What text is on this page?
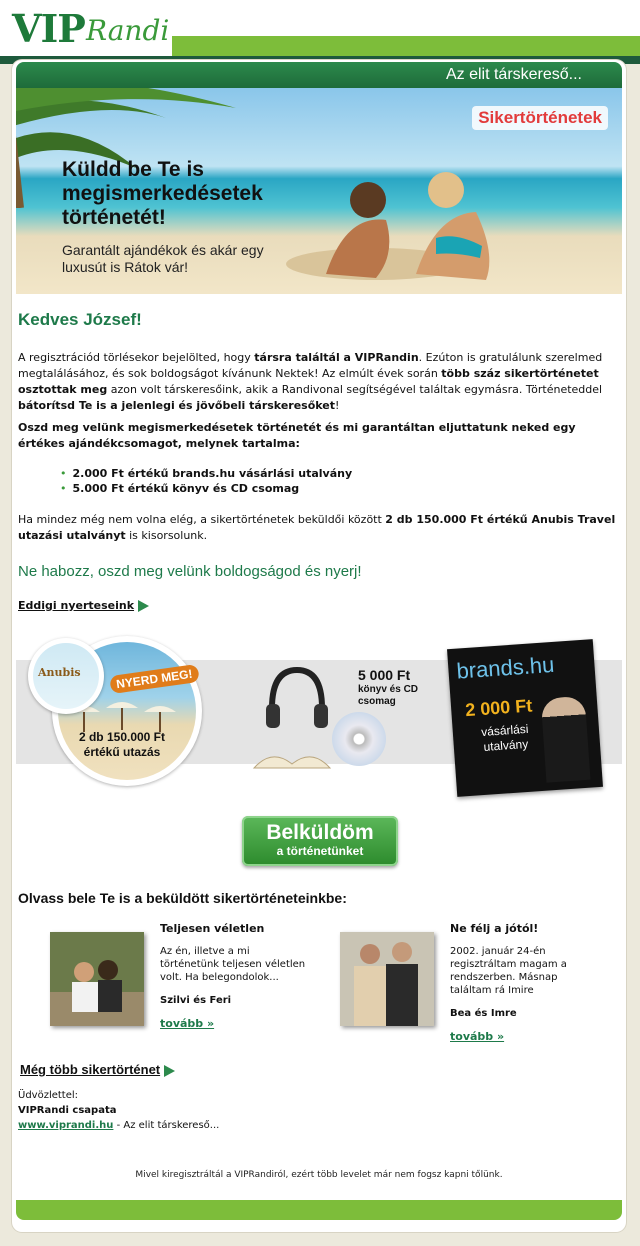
VIP Randi
Az elit társkereső...
Sikertörténetek
Küldd be Te is megismerkedésetek történetét!
Garantált ajándékok és akár egy luxusút is Rátok vár!
Kedves József!
A regisztrációd törlésekor bejelölted, hogy társra találtál a VIPRandin. Ezúton is gratulálunk szerelmed megtalálásához, és sok boldogságot kívánunk Nektek! Az elmúlt évek során több száz sikertörténetet osztottak meg azon volt társkeresőink, akik a Randivonal segítségével találtak egymásra. Történeteddel bátorítsd Te is a jelenlegi és jövőbeli társkeresőket!
Oszd meg velünk megismerkedésetek történetét és mi garantáltan eljuttatunk neked egy értékes ajándékcsomagot, melynek tartalma:
• 2.000 Ft értékű brands.hu vásárlási utalvány
• 5.000 Ft értékű könyv és CD csomag
Ha mindez még nem volna elég, a sikertörténetek beküldői között 2 db 150.000 Ft értékű Anubis Travel utazási utalványt is kisorsolunk.
Ne habozz, oszd meg velünk boldogságod és nyerj!
Eddigi nyerteseink
NYERD MEG!
2 db 150.000 Ft értékű utazás
Anubis	5 000 Ft
könyv és CD csomag
brands.hu
2 000 Ft
vásárlási utalvány
Belküldöm
a történetünket
Olvass bele Te is a beküldött sikertörténeteinkbe:
Teljesen véletlen
Az én, illetve a mi történetünk teljesen véletlen volt. Ha belegondolok...
Szilvi és Feri
tovább »
Ne félj a jótól!
2002. január 24-én regisztráltam magam a rendszerben. Másnap találtam rá Imire
Bea és Imre
tovább »
Még több sikertörténet
Üdvözlettel:
VIPRandi csapata
www.viprandi.hu - Az elit társkereső...
Mivel kiregisztráltál a VIPRandiról, ezért több levelet már nem fogsz kapni tőlünk.
